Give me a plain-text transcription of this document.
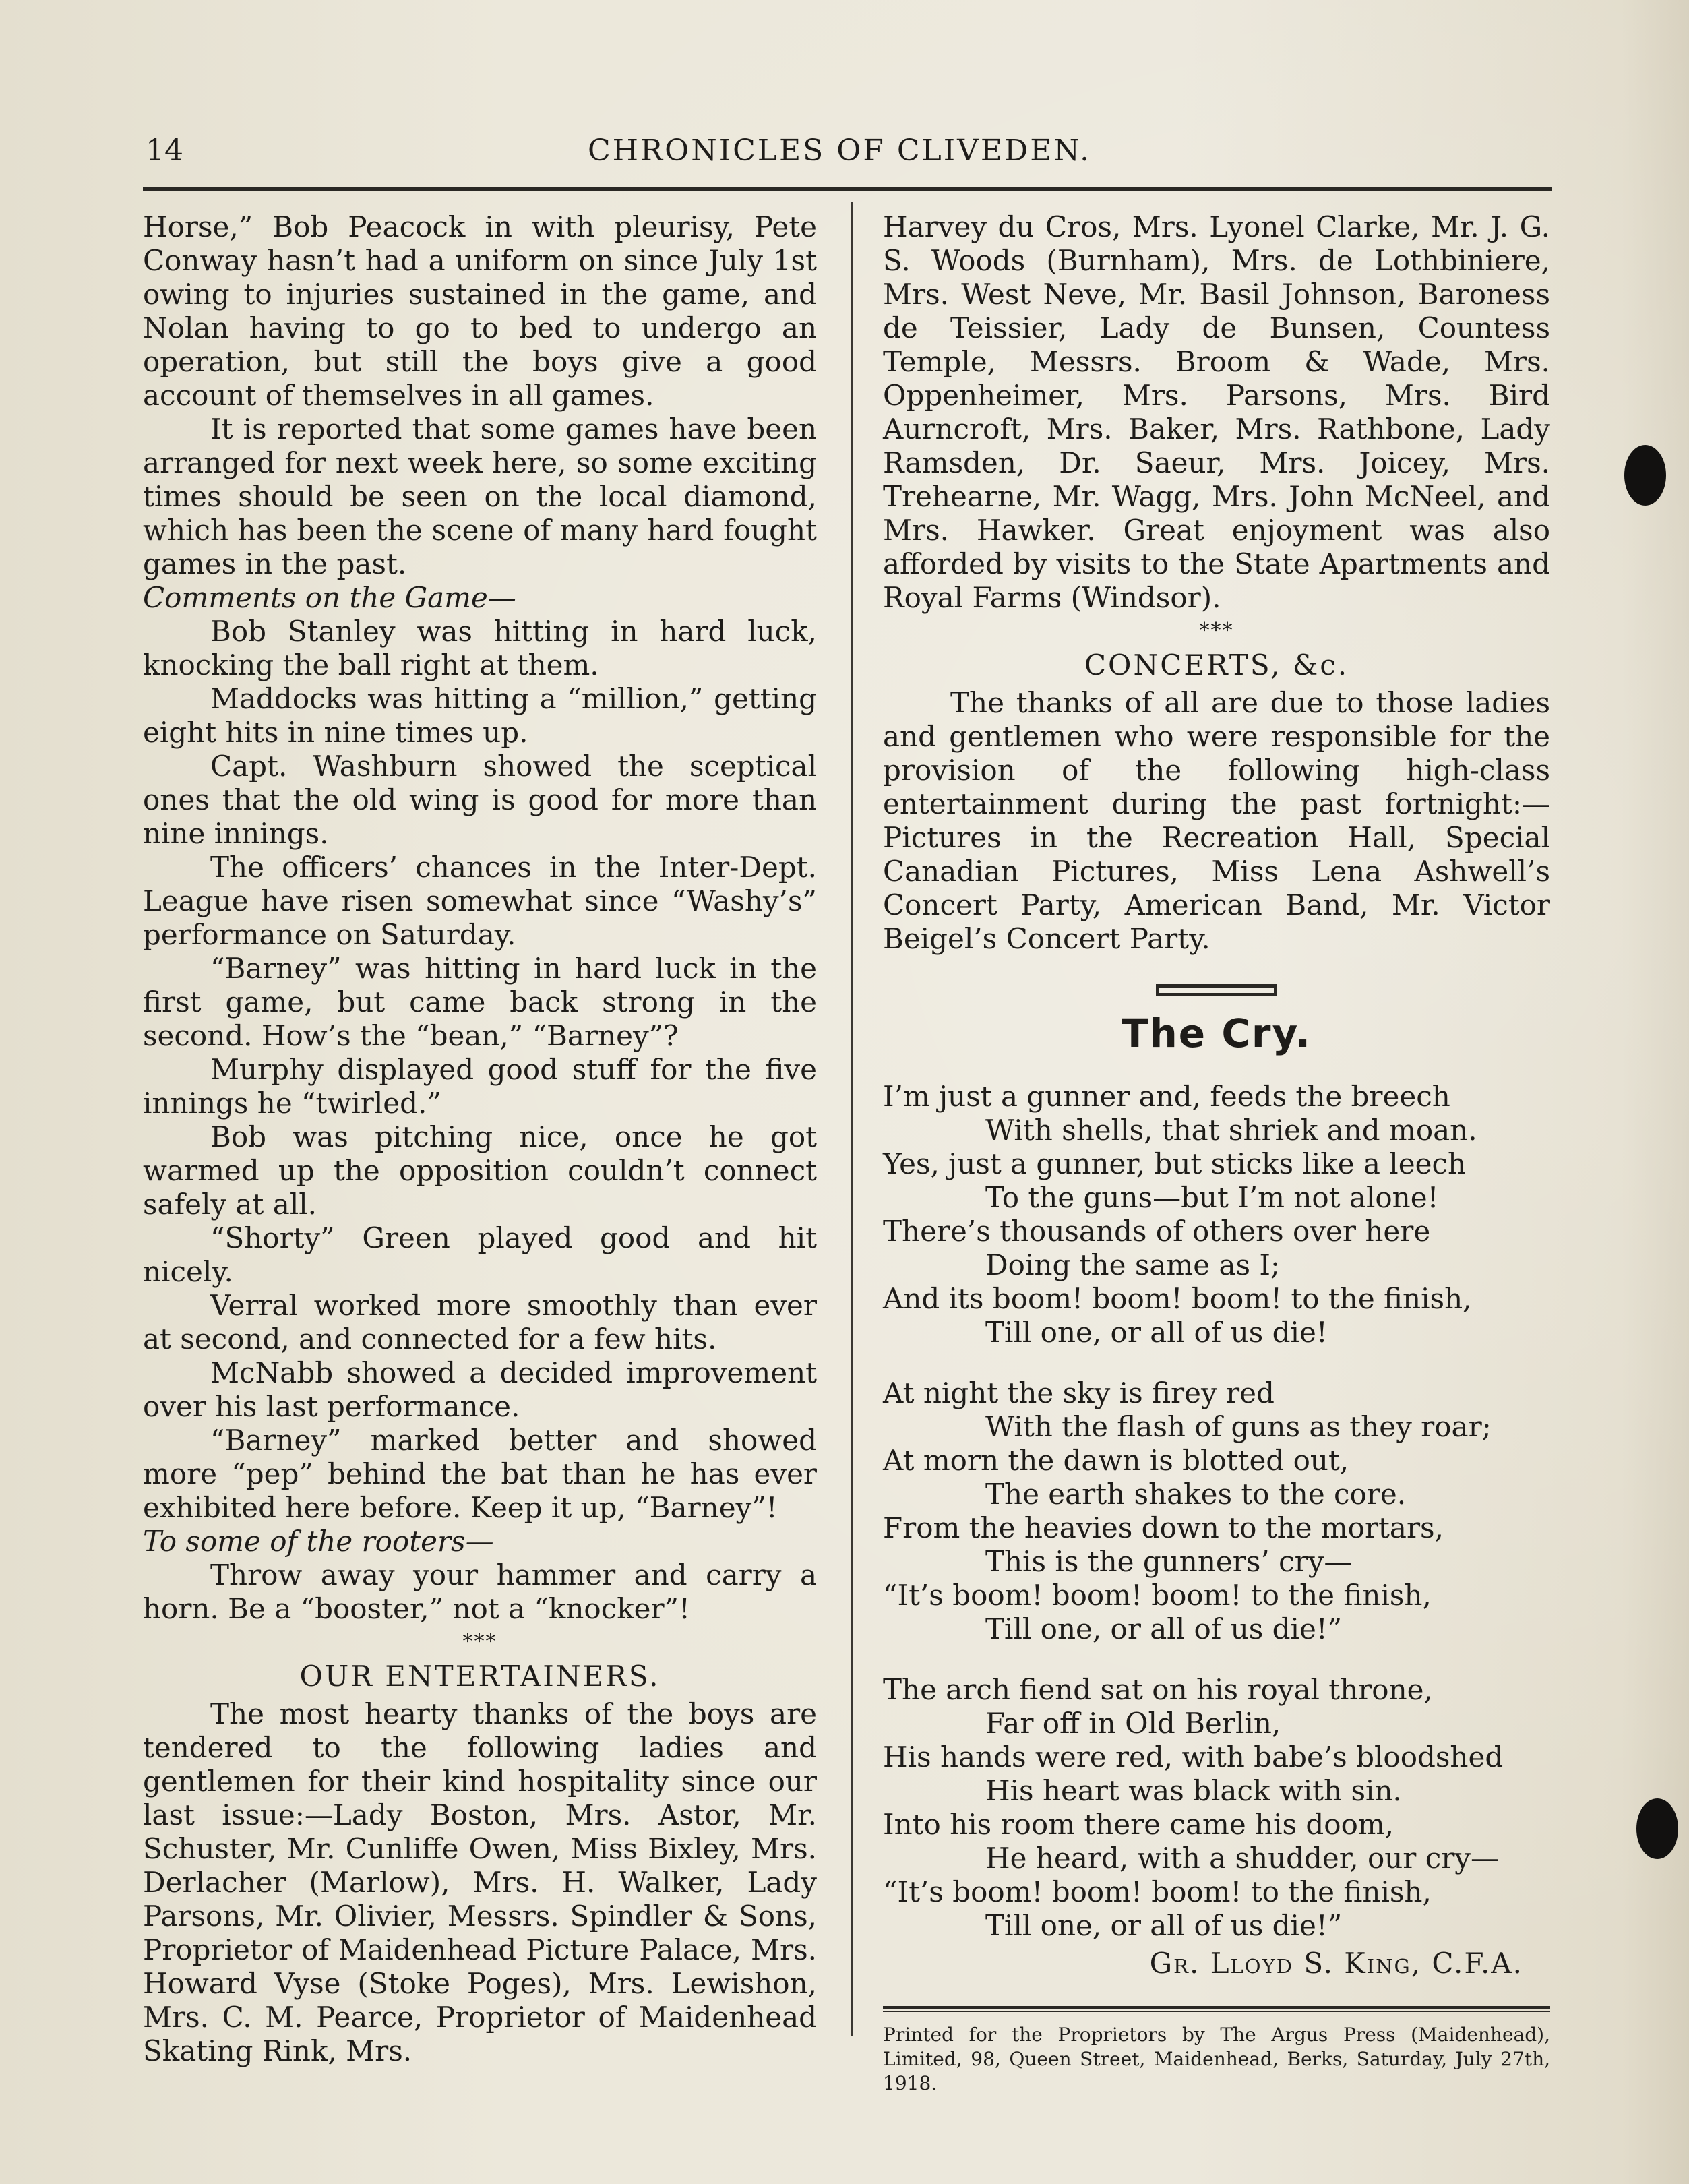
14	CHRONICLES OF CLIVEDEN.

Horse,” Bob Peacock in with pleurisy, Pete Conway hasn’t had a uniform on since July 1st owing to injuries sustained in the game, and Nolan having to go to bed to undergo an operation, but still the boys give a good account of themselves in all games.

It is reported that some games have been arranged for next week here, so some exciting times should be seen on the local diamond, which has been the scene of many hard fought games in the past.

Comments on the Game—

Bob Stanley was hitting in hard luck, knocking the ball right at them.

Maddocks was hitting a “million,” getting eight hits in nine times up.

Capt. Washburn showed the sceptical ones that the old wing is good for more than nine innings.

The officers’ chances in the Inter-Dept. League have risen somewhat since “Washy’s” performance on Saturday.

“Barney” was hitting in hard luck in the first game, but came back strong in the second. How’s the “bean,” “Barney”?

Murphy displayed good stuff for the five innings he “twirled.”

Bob was pitching nice, once he got warmed up the opposition couldn’t connect safely at all.

“Shorty” Green played good and hit nicely.

Verral worked more smoothly than ever at second, and connected for a few hits.

McNabb showed a decided improvement over his last performance.

“Barney” marked better and showed more “pep” behind the bat than he has ever exhibited here before. Keep it up, “Barney”!

To some of the rooters—

Throw away your hammer and carry a horn. Be a “booster,” not a “knocker”!

***
OUR ENTERTAINERS.

The most hearty thanks of the boys are tendered to the following ladies and gentlemen for their kind hospitality since our last issue:—Lady Boston, Mrs. Astor, Mr. Schuster, Mr. Cunliffe Owen, Miss Bixley, Mrs. Derlacher (Marlow), Mrs. H. Walker, Lady Parsons, Mr. Olivier, Messrs. Spindler & Sons, Proprietor of Maidenhead Picture Palace, Mrs. Howard Vyse (Stoke Poges), Mrs. Lewishon, Mrs. C. M. Pearce, Proprietor of Maidenhead Skating Rink, Mrs.

Harvey du Cros, Mrs. Lyonel Clarke, Mr. J. G. S. Woods (Burnham), Mrs. de Lothbiniere, Mrs. West Neve, Mr. Basil Johnson, Baroness de Teissier, Lady de Bunsen, Countess Temple, Messrs. Broom & Wade, Mrs. Oppenheimer, Mrs. Parsons, Mrs. Bird Aurncroft, Mrs. Baker, Mrs. Rathbone, Lady Ramsden, Dr. Saeur, Mrs. Joicey, Mrs. Trehearne, Mr. Wagg, Mrs. John McNeel, and Mrs. Hawker. Great enjoyment was also afforded by visits to the State Apartments and Royal Farms (Windsor).

***
CONCERTS, &c.

The thanks of all are due to those ladies and gentlemen who were responsible for the provision of the following high-class entertainment during the past fortnight:—Pictures in the Recreation Hall, Special Canadian Pictures, Miss Lena Ashwell’s Concert Party, American Band, Mr. Victor Beigel’s Concert Party.

The Cry.

I’m just a gunner and, feeds the breech

With shells, that shriek and moan.

Yes, just a gunner, but sticks like a leech

To the guns—but I’m not alone!

There’s thousands of others over here

Doing the same as I;

And its boom! boom! boom! to the finish,

Till one, or all of us die!

At night the sky is firey red

With the flash of guns as they roar;

At morn the dawn is blotted out,

The earth shakes to the core.

From the heavies down to the mortars,

This is the gunners’ cry—

“It’s boom! boom! boom! to the finish,

Till one, or all of us die!”

The arch fiend sat on his royal throne,

Far off in Old Berlin,

His hands were red, with babe’s bloodshed

His heart was black with sin.

Into his room there came his doom,

He heard, with a shudder, our cry—

“It’s boom! boom! boom! to the finish,

Till one, or all of us die!”

Gr. Lloyd S. King, C.F.A.

Printed for the Proprietors by The Argus Press (Maidenhead), Limited, 98, Queen Street, Maidenhead, Berks, Saturday, July 27th, 1918.
